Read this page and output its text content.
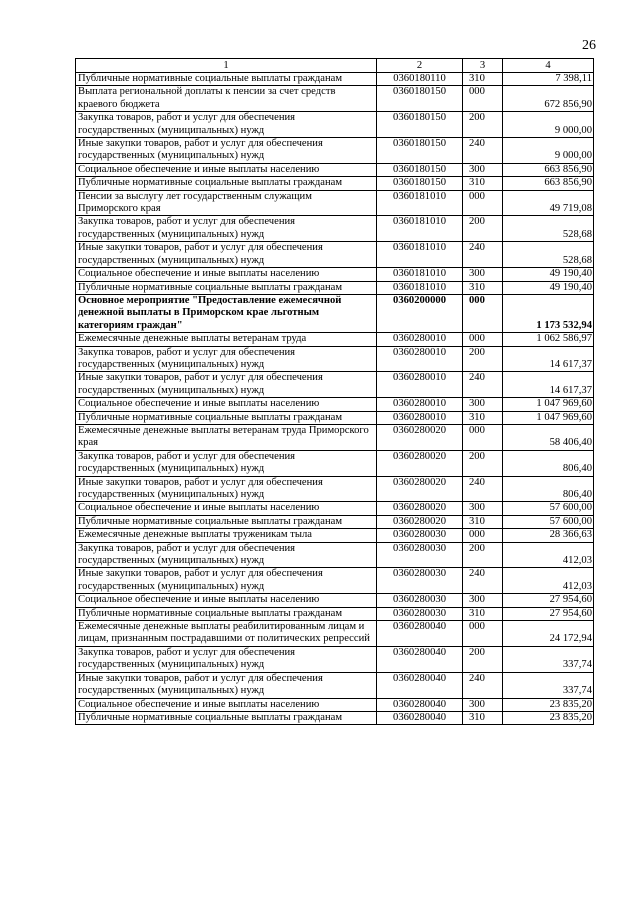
26
1	2	3	4
Публичные нормативные социальные выплаты гражданам	0360180110	310	7 398,11
Выплата региональной доплаты к пенсии за счет средств краевого бюджета	0360180150	000	672 856,90
Закупка товаров, работ и услуг для обеспечения государственных (муниципальных) нужд	0360180150	200	9 000,00
Иные закупки товаров, работ и услуг для обеспечения государственных (муниципальных) нужд	0360180150	240	9 000,00
Социальное обеспечение и иные выплаты населению	0360180150	300	663 856,90
Публичные нормативные социальные выплаты гражданам	0360180150	310	663 856,90
Пенсии за выслугу лет государственным служащим Приморского края	0360181010	000	49 719,08
Закупка товаров, работ и услуг для обеспечения государственных (муниципальных) нужд	0360181010	200	528,68
Иные закупки товаров, работ и услуг для обеспечения государственных (муниципальных) нужд	0360181010	240	528,68
Социальное обеспечение и иные выплаты населению	0360181010	300	49 190,40
Публичные нормативные социальные выплаты гражданам	0360181010	310	49 190,40
Основное мероприятие "Предоставление ежемесячной денежной выплаты в Приморском крае льготным категориям граждан"	0360200000	000	1 173 532,94
Ежемесячные денежные выплаты ветеранам труда	0360280010	000	1 062 586,97
Закупка товаров, работ и услуг для обеспечения государственных (муниципальных) нужд	0360280010	200	14 617,37
Иные закупки товаров, работ и услуг для обеспечения государственных (муниципальных) нужд	0360280010	240	14 617,37
Социальное обеспечение и иные выплаты населению	0360280010	300	1 047 969,60
Публичные нормативные социальные выплаты гражданам	0360280010	310	1 047 969,60
Ежемесячные денежные выплаты ветеранам труда Приморского края	0360280020	000	58 406,40
Закупка товаров, работ и услуг для обеспечения государственных (муниципальных) нужд	0360280020	200	806,40
Иные закупки товаров, работ и услуг для обеспечения государственных (муниципальных) нужд	0360280020	240	806,40
Социальное обеспечение и иные выплаты населению	0360280020	300	57 600,00
Публичные нормативные социальные выплаты гражданам	0360280020	310	57 600,00
Ежемесячные денежные выплаты труженикам тыла	0360280030	000	28 366,63
Закупка товаров, работ и услуг для обеспечения государственных (муниципальных) нужд	0360280030	200	412,03
Иные закупки товаров, работ и услуг для обеспечения государственных (муниципальных) нужд	0360280030	240	412,03
Социальное обеспечение и иные выплаты населению	0360280030	300	27 954,60
Публичные нормативные социальные выплаты гражданам	0360280030	310	27 954,60
Ежемесячные денежные выплаты реабилитированным лицам и лицам, признанным пострадавшими от политических репрессий	0360280040	000	24 172,94
Закупка товаров, работ и услуг для обеспечения государственных (муниципальных) нужд	0360280040	200	337,74
Иные закупки товаров, работ и услуг для обеспечения государственных (муниципальных) нужд	0360280040	240	337,74
Социальное обеспечение и иные выплаты населению	0360280040	300	23 835,20
Публичные нормативные социальные выплаты гражданам	0360280040	310	23 835,20
